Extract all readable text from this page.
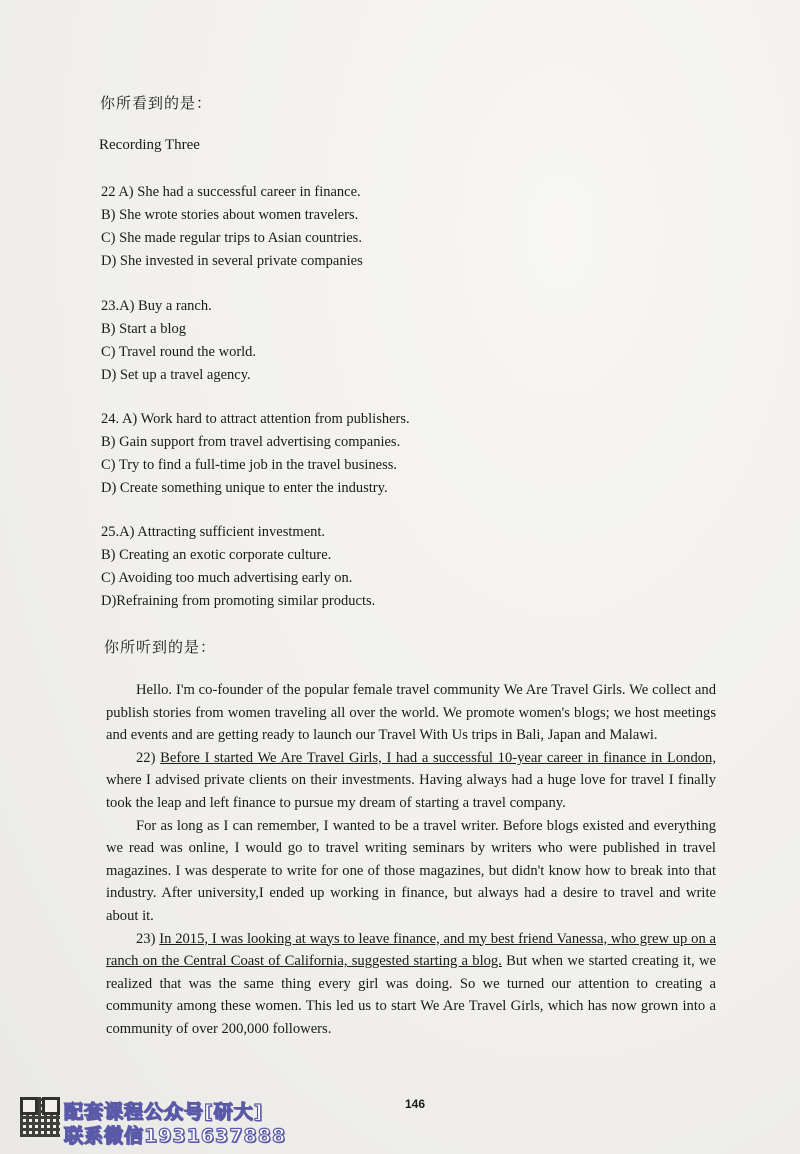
你所看到的是：
Recording Three
22 A) She had a successful career in finance.
B) She wrote stories about women travelers.
C) She made regular trips to Asian countries.
D) She invested in several private companies
23.A) Buy a ranch.
B) Start a blog
C) Travel round the world.
D) Set up a travel agency.
24. A) Work hard to attract attention from publishers.
B) Gain support from travel advertising companies.
C) Try to find a full-time job in the travel business.
D) Create something unique to enter the industry.
25.A) Attracting sufficient investment.
B) Creating an exotic corporate culture.
C) Avoiding too much advertising early on.
D)Refraining from promoting similar products.
你所听到的是：

Hello. I'm co-founder of the popular female travel community We Are Travel Girls. We collect and publish stories from women traveling all over the world. We promote women's blogs; we host meetings and events and are getting ready to launch our Travel With Us trips in Bali, Japan and Malawi.

22) Before I started We Are Travel Girls, I had a successful 10-year career in finance in London, where I advised private clients on their investments. Having always had a huge love for travel I finally took the leap and left finance to pursue my dream of starting a travel company.

For as long as I can remember, I wanted to be a travel writer. Before blogs existed and everything we read was online, I would go to travel writing seminars by writers who were published in travel magazines. I was desperate to write for one of those magazines, but didn't know how to break into that industry. After university,I ended up working in finance, but always had a desire to travel and write about it.

23) In 2015, I was looking at ways to leave finance, and my best friend Vanessa, who grew up on a ranch on the Central Coast of California, suggested starting a blog. But when we started creating it, we realized that was the same thing every girl was doing. So we turned our attention to creating a community among these women. This led us to start We Are Travel Girls, which has now grown into a community of over 200,000 followers.

146
配套课程公众号[研大]
联系微信1931637888
